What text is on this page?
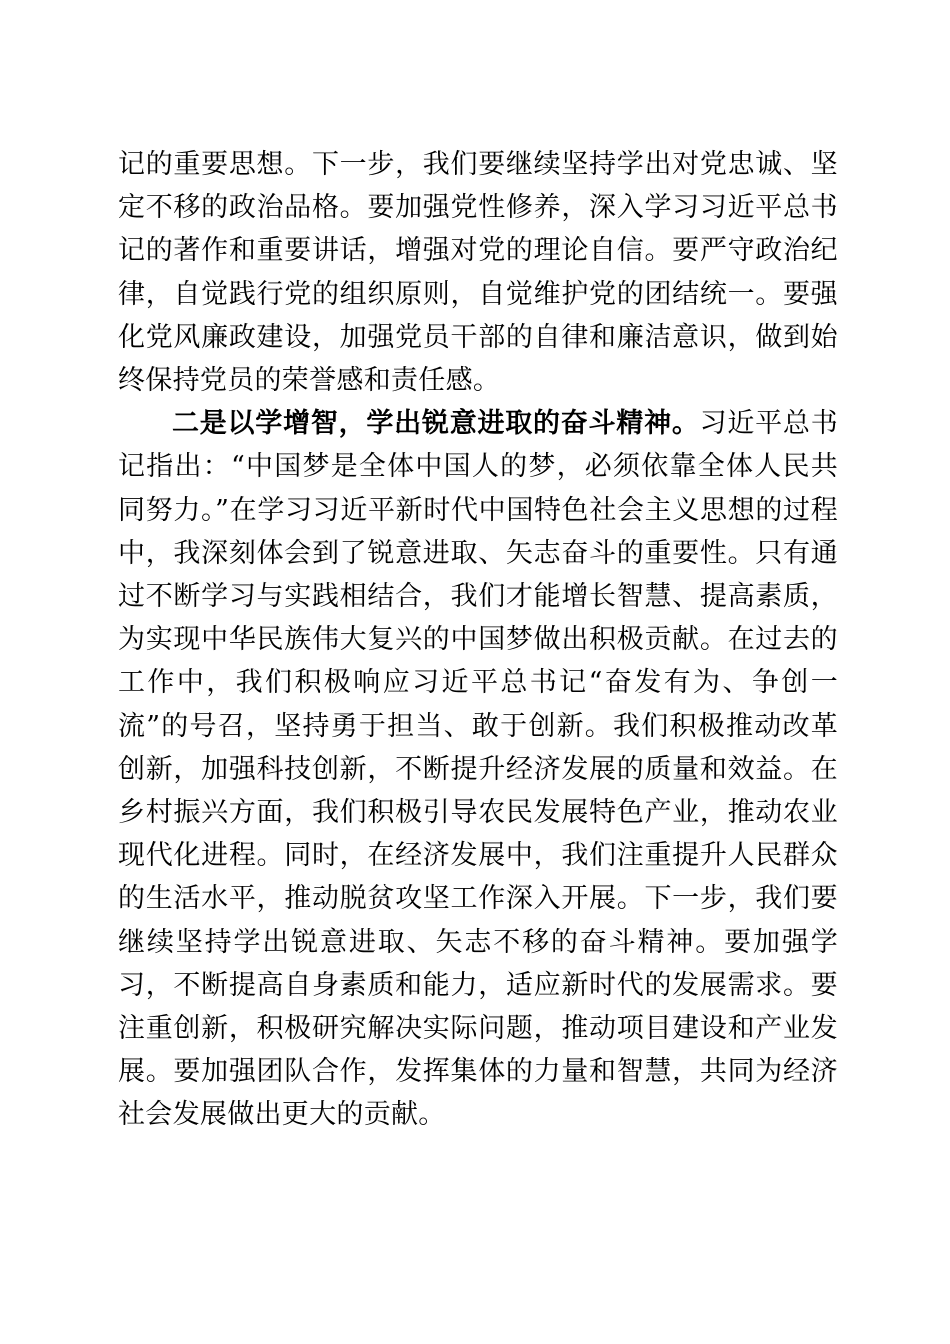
记的重要思想。下一步，我们要继续坚持学出对党忠诚、坚定不移的政治品格。要加强党性修养，深入学习习近平总书记的著作和重要讲话，增强对党的理论自信。要严守政治纪律，自觉践行党的组织原则，自觉维护党的团结统一。要强化党风廉政建设，加强党员干部的自律和廉洁意识，做到始终保持党员的荣誉感和责任感。

二是以学增智，学出锐意进取的奋斗精神。习近平总书记指出：“中国梦是全体中国人的梦，必须依靠全体人民共同努力。”在学习习近平新时代中国特色社会主义思想的过程中，我深刻体会到了锐意进取、矢志奋斗的重要性。只有通过不断学习与实践相结合，我们才能增长智慧、提高素质，为实现中华民族伟大复兴的中国梦做出积极贡献。在过去的工作中，我们积极响应习近平总书记“奋发有为、争创一流”的号召，坚持勇于担当、敢于创新。我们积极推动改革创新，加强科技创新，不断提升经济发展的质量和效益。在乡村振兴方面，我们积极引导农民发展特色产业，推动农业现代化进程。同时，在经济发展中，我们注重提升人民群众的生活水平，推动脱贫攻坚工作深入开展。下一步，我们要继续坚持学出锐意进取、矢志不移的奋斗精神。要加强学习，不断提高自身素质和能力，适应新时代的发展需求。要注重创新，积极研究解决实际问题，推动项目建设和产业发展。要加强团队合作，发挥集体的力量和智慧，共同为经济社会发展做出更大的贡献。
